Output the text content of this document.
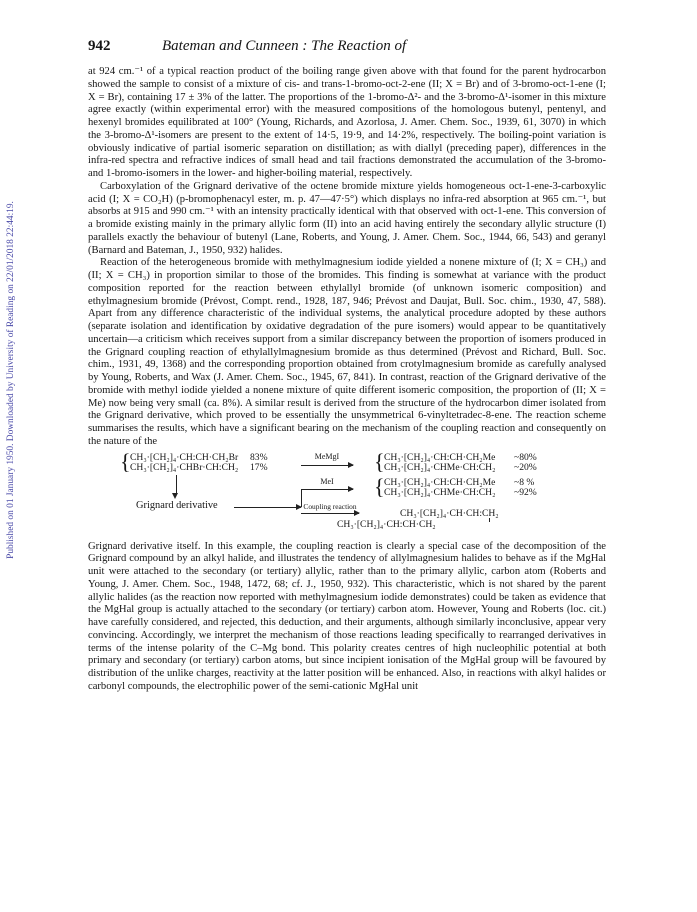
Published on 01 January 1950. Downloaded by University of Reading on 22/01/2018 22:44:19.
942	Bateman and Cunneen : The Reaction of

at 924 cm.⁻¹ of a typical reaction product of the boiling range given above with that found for the parent hydrocarbon showed the sample to consist of a mixture of cis- and trans-1-bromo-oct-2-ene (II; X = Br) and of 3-bromo-oct-1-ene (I; X = Br), containing 17 ± 3% of the latter. The proportions of the 1-bromo-Δ²- and the 3-bromo-Δ¹-isomer in this mixture agree exactly (within experimental error) with the measured compositions of the homologous butenyl, pentenyl, and hexenyl bromides equilibrated at 100° (Young, Richards, and Azorlosa, J. Amer. Chem. Soc., 1939, 61, 3070) in which the 3-bromo-Δ¹-isomers are present to the extent of 14·5, 19·9, and 14·2%, respectively. The boiling-point variation is obviously indicative of partial isomeric separation on distillation; as with diallyl (preceding paper), differences in the infra-red spectra and refractive indices of small head and tail fractions demonstrated the accumulation of the 3-bromo- and 1-bromo-isomers in the lower- and higher-boiling material, respectively.

Carboxylation of the Grignard derivative of the octene bromide mixture yields homogeneous oct-1-ene-3-carboxylic acid (I; X = CO₂H) (p-bromophenacyl ester, m. p. 47—47·5°) which displays no infra-red absorption at 965 cm.⁻¹, but absorbs at 915 and 990 cm.⁻¹ with an intensity practically identical with that observed with oct-1-ene. This conversion of a bromide existing mainly in the primary allylic form (II) into an acid having entirely the secondary allylic structure (I) parallels exactly the behaviour of butenyl (Lane, Roberts, and Young, J. Amer. Chem. Soc., 1944, 66, 543) and geranyl (Barnard and Bateman, J., 1950, 932) halides.

Reaction of the heterogeneous bromide with methylmagnesium iodide yielded a nonene mixture of (I; X = CH₃) and (II; X = CH₃) in proportion similar to those of the bromides. This finding is somewhat at variance with the product composition reported for the reaction between ethylallyl bromide (of unknown isomeric composition) and ethylmagnesium bromide (Prévost, Compt. rend., 1928, 187, 946; Prévost and Daujat, Bull. Soc. chim., 1930, 47, 588). Apart from any difference characteristic of the individual systems, the analytical procedure adopted by these authors (separate isolation and identification by oxidative degradation of the pure isomers) would appear to be quantitatively uncertain—a criticism which receives support from a similar discrepancy between the proportion of isomers produced in the Grignard coupling reaction of ethylallylmagnesium bromide as thus determined (Prévost and Richard, Bull. Soc. chim., 1931, 49, 1368) and the corresponding proportion obtained from crotylmagnesium bromide as carefully analysed by Young, Roberts, and Wax (J. Amer. Chem. Soc., 1945, 67, 841). In contrast, reaction of the Grignard derivative of the bromide with methyl iodide yielded a nonene mixture of quite different isomeric composition, the proportion of (II; X = Me) now being very small (ca. 8%). A similar result is derived from the structure of the hydrocarbon dimer isolated from the Grignard derivative, which proved to be essentially the unsymmetrical 6-vinyltetradec-8-ene. The reaction scheme summarises the results, which have a significant bearing on the mechanism of the coupling reaction and consequently on the nature of the

{ CH₃·[CH₂]₄·CH:CH·CH₂Br 83%
CH₃·[CH₂]₄·CHBr·CH:CH₂ 17%
MeMgI	{ CH₃·[CH₂]₄·CH:CH·CH₂Me ~80%
CH₃·[CH₂]₄·CHMe·CH:CH₂ ~20%
MeI	{ CH₃·[CH₂]₄·CH:CH·CH₂Me ~8 %
CH₃·[CH₂]₄·CHMe·CH:CH₂ ~92%
Grignard derivative	Coupling reaction
CH₃·[CH₂]₄·CH·CH:CH₂
CH₃·[CH₂]₄·CH:CH·CH₂

Grignard derivative itself. In this example, the coupling reaction is clearly a special case of the decomposition of the Grignard compound by an alkyl halide, and illustrates the tendency of allylmagnesium halides to behave as if the MgHal unit were attached to the secondary (or tertiary) allylic, rather than to the primary allylic, carbon atom (Roberts and Young, J. Amer. Chem. Soc., 1948, 1472, 68; cf. J., 1950, 932). This characteristic, which is not shared by the parent allylic halides (as the reaction now reported with methylmagnesium iodide demonstrates) could be taken as evidence that the MgHal group is actually attached to the secondary (or tertiary) carbon atom. However, Young and Roberts (loc. cit.) have carefully considered, and rejected, this deduction, and their arguments, although similarly inconclusive, appear very convincing. Accordingly, we interpret the mechanism of those reactions leading specifically to rearranged derivatives in terms of the intense polarity of the C–Mg bond. This polarity creates centres of high nucleophilic potential at both primary and secondary (or tertiary) carbon atoms, but since incipient ionisation of the MgHal group will be favoured by distribution of the unlike charges, reactivity at the latter position will be enhanced. Also, in reactions with alkyl halides or carbonyl compounds, the electrophilic power of the semi-cationic MgHal unit
